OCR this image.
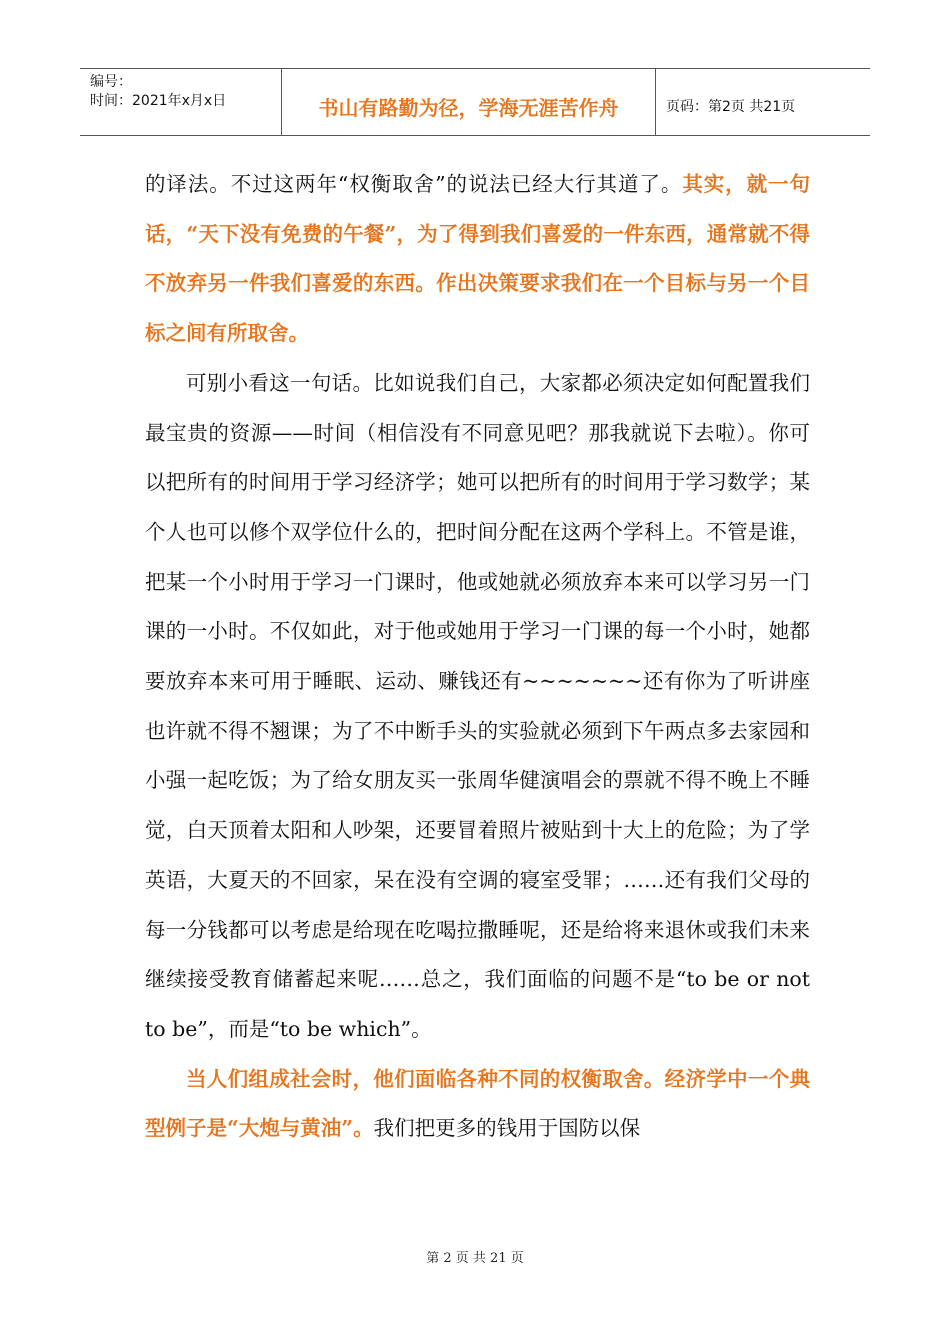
编号：
时间：2021年x月x日	书山有路勤为径，学海无涯苦作舟	页码：第2页 共21页

的译法。不过这两年“权衡取舍”的说法已经大行其道了。其实，就一句话，“天下没有免费的午餐”，为了得到我们喜爱的一件东西，通常就不得不放弃另一件我们喜爱的东西。作出决策要求我们在一个目标与另一个目标之间有所取舍。

可别小看这一句话。比如说我们自己，大家都必须决定如何配置我们最宝贵的资源——时间（相信没有不同意见吧？那我就说下去啦）。你可以把所有的时间用于学习经济学；她可以把所有的时间用于学习数学；某个人也可以修个双学位什么的，把时间分配在这两个学科上。不管是谁，把某一个小时用于学习一门课时，他或她就必须放弃本来可以学习另一门课的一小时。不仅如此，对于他或她用于学习一门课的每一个小时，她都要放弃本来可用于睡眠、运动、赚钱还有~~~~~~~还有你为了听讲座也许就不得不翘课；为了不中断手头的实验就必须到下午两点多去家园和小强一起吃饭；为了给女朋友买一张周华健演唱会的票就不得不晚上不睡觉，白天顶着太阳和人吵架，还要冒着照片被贴到十大上的危险；为了学英语，大夏天的不回家，呆在没有空调的寝室受罪；……还有我们父母的每一分钱都可以考虑是给现在吃喝拉撒睡呢，还是给将来退休或我们未来继续接受教育储蓄起来呢……总之，我们面临的问题不是“to be or not to be”，而是“to be which”。

当人们组成社会时，他们面临各种不同的权衡取舍。经济学中一个典型例子是“大炮与黄油”。我们把更多的钱用于国防以保

第 2 页 共 21 页
